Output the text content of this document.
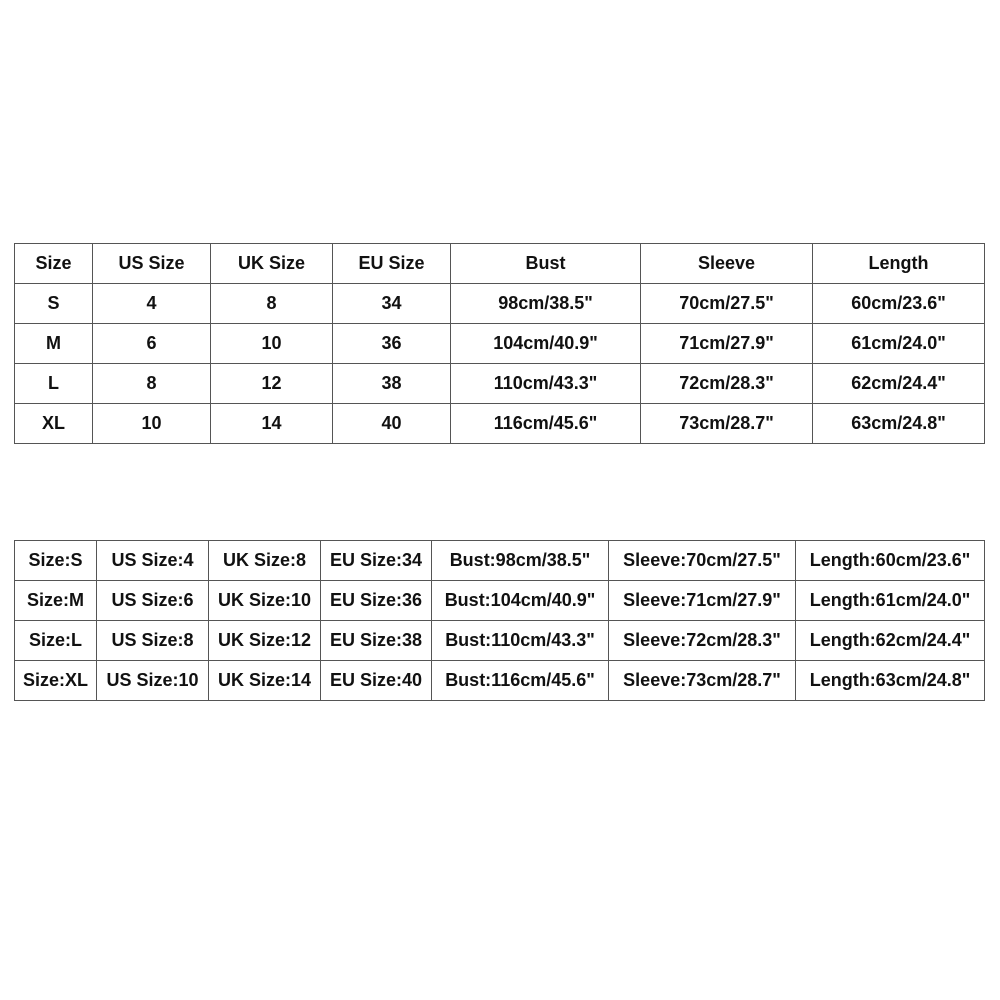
Size	US Size	UK Size	EU Size	Bust	Sleeve	Length
S	4	8	34	98cm/38.5"	70cm/27.5"	60cm/23.6"
M	6	10	36	104cm/40.9"	71cm/27.9"	61cm/24.0"
L	8	12	38	110cm/43.3"	72cm/28.3"	62cm/24.4"
XL	10	14	40	116cm/45.6"	73cm/28.7"	63cm/24.8"
Size:S	US Size:4	UK Size:8	EU Size:34	Bust:98cm/38.5"	Sleeve:70cm/27.5"	Length:60cm/23.6"
Size:M	US Size:6	UK Size:10	EU Size:36	Bust:104cm/40.9"	Sleeve:71cm/27.9"	Length:61cm/24.0"
Size:L	US Size:8	UK Size:12	EU Size:38	Bust:110cm/43.3"	Sleeve:72cm/28.3"	Length:62cm/24.4"
Size:XL	US Size:10	UK Size:14	EU Size:40	Bust:116cm/45.6"	Sleeve:73cm/28.7"	Length:63cm/24.8"
